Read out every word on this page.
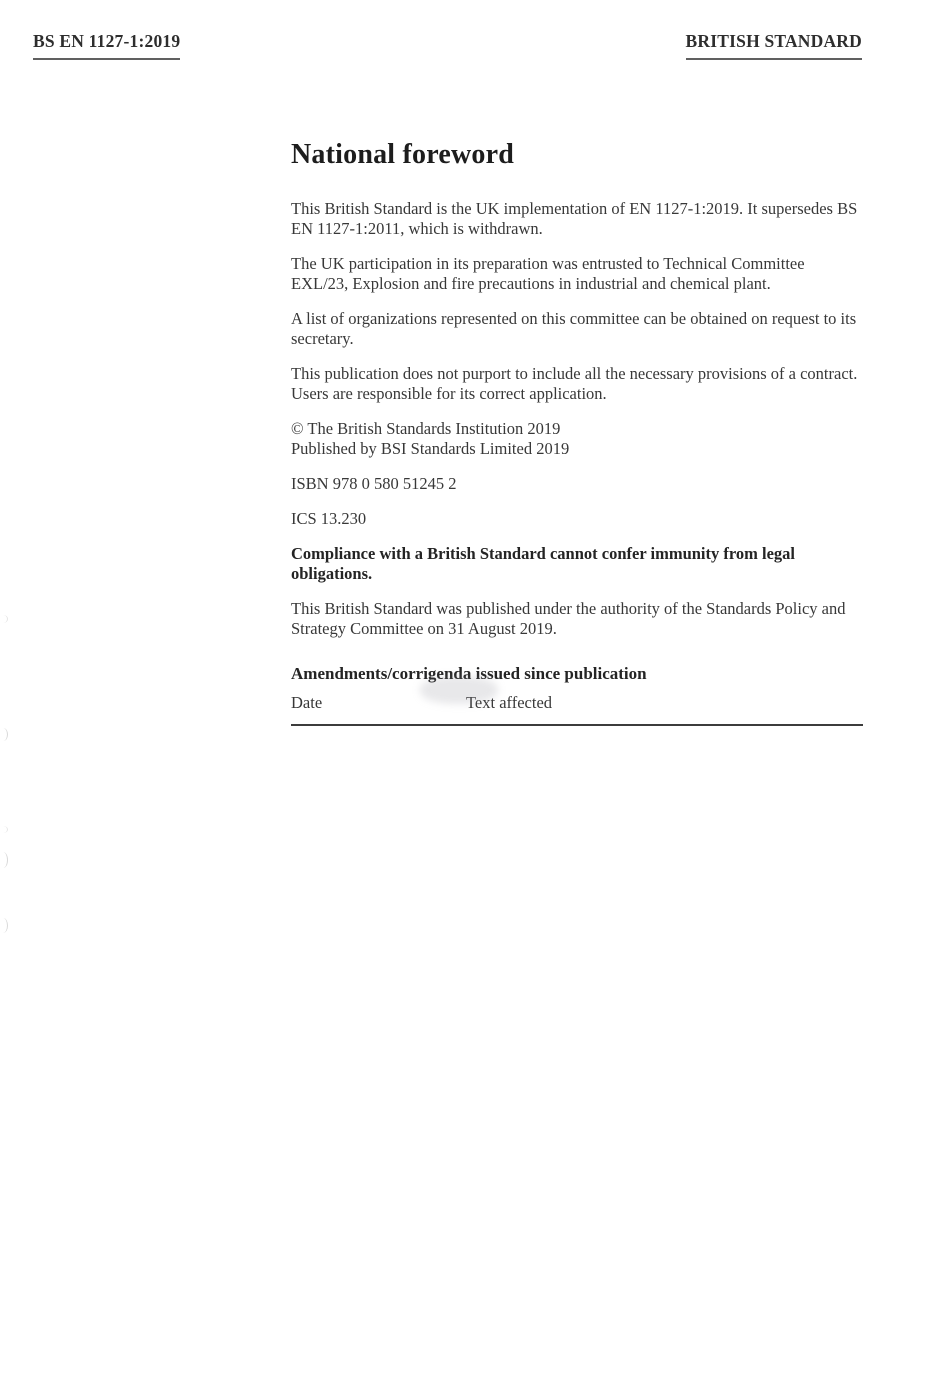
BS EN 1127-1:2019	BRITISH STANDARD
National foreword

This British Standard is the UK implementation of EN 1127-1:2019. It supersedes BS EN 1127-1:2011, which is withdrawn.

The UK participation in its preparation was entrusted to Technical Committee EXL/23, Explosion and fire precautions in industrial and chemical plant.

A list of organizations represented on this committee can be obtained on request to its secretary.

This publication does not purport to include all the necessary provisions of a contract. Users are responsible for its correct application.

© The British Standards Institution 2019
Published by BSI Standards Limited 2019

ISBN 978 0 580 51245 2

ICS 13.230

Compliance with a British Standard cannot confer immunity from legal obligations.

This British Standard was published under the authority of the Standards Policy and Strategy Committee on 31 August 2019.

Amendments/corrigenda issued since publication
Date	Text affected
